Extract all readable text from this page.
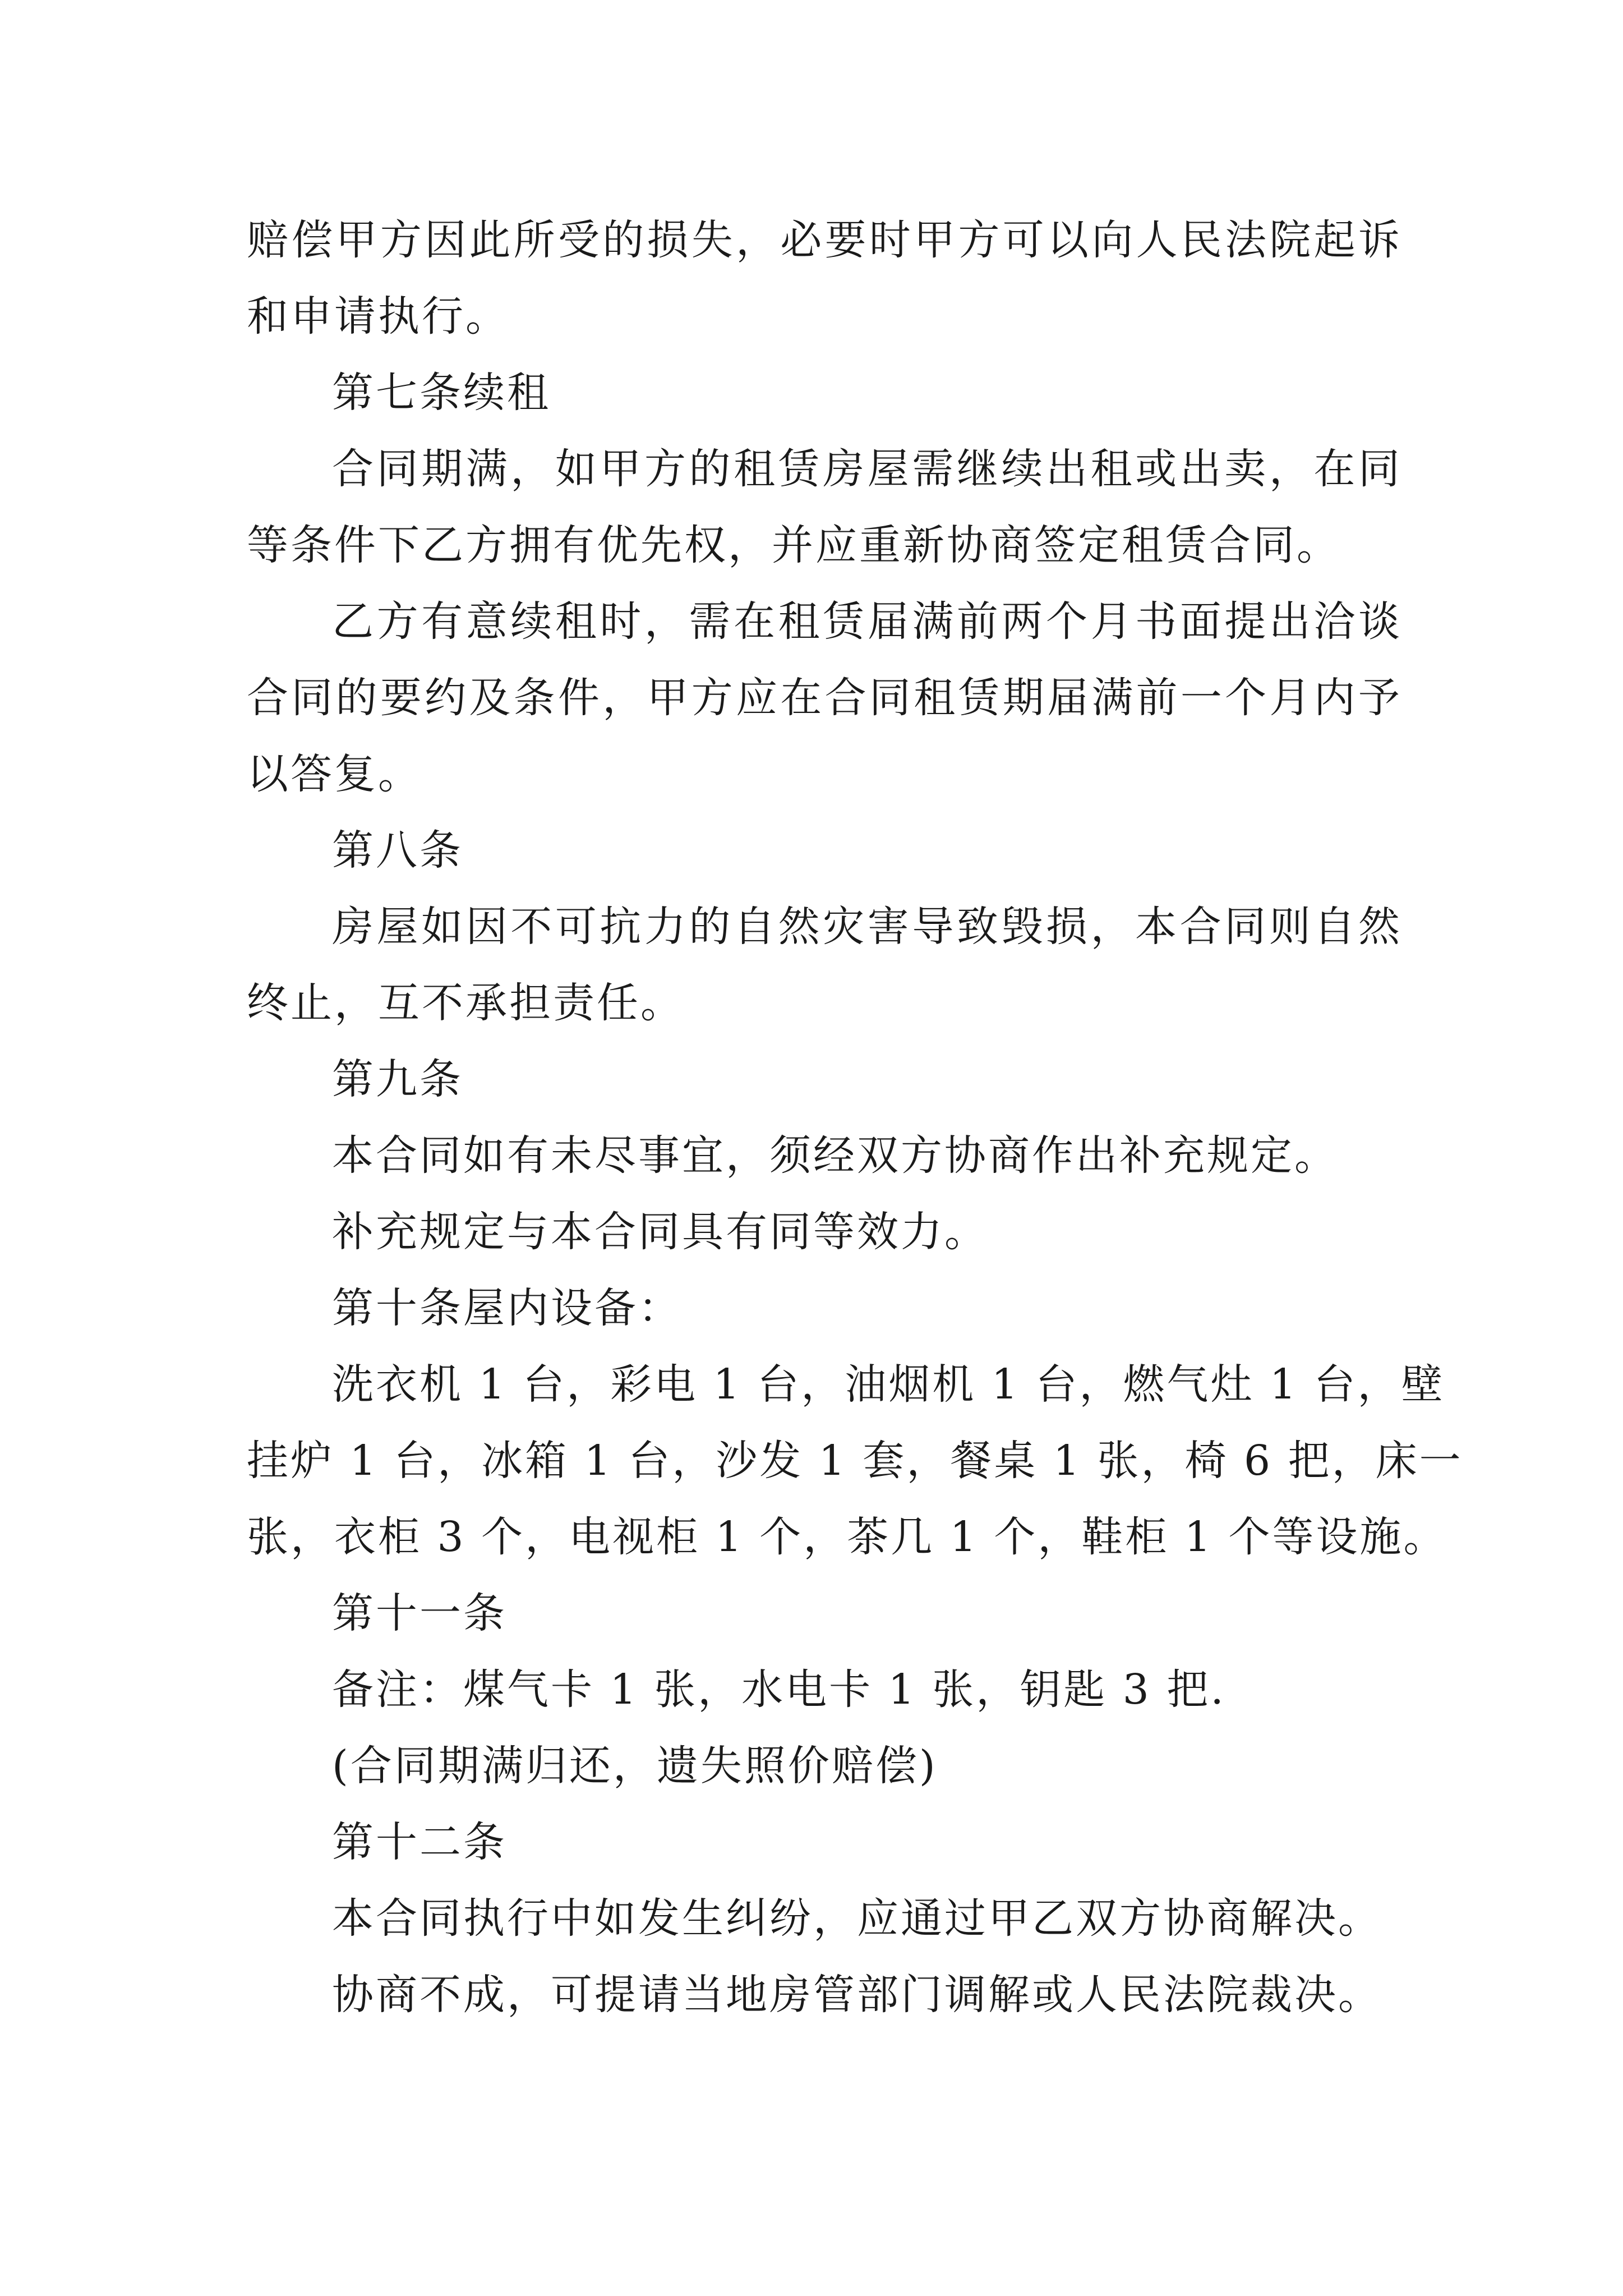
赔偿甲方因此所受的损失，必要时甲方可以向人民法院起诉
和申请执行。
第七条续租
合同期满，如甲方的租赁房屋需继续出租或出卖，在同
等条件下乙方拥有优先权，并应重新协商签定租赁合同。
乙方有意续租时，需在租赁届满前两个月书面提出洽谈
合同的要约及条件，甲方应在合同租赁期届满前一个月内予
以答复。
第八条
房屋如因不可抗力的自然灾害导致毁损，本合同则自然
终止，互不承担责任。
第九条
本合同如有未尽事宜，须经双方协商作出补充规定。
补充规定与本合同具有同等效力。
第十条屋内设备：
洗衣机 1 台，彩电 1 台，油烟机 1 台，燃气灶 1 台，壁
挂炉 1 台，冰箱 1 台，沙发 1 套，餐桌 1 张，椅 6 把，床一
张，衣柜 3 个，电视柜 1 个，茶几 1 个，鞋柜 1 个等设施。
第十一条
备注：煤气卡 1 张，水电卡 1 张，钥匙 3 把.
(合同期满归还，遗失照价赔偿)
第十二条
本合同执行中如发生纠纷，应通过甲乙双方协商解决。
协商不成，可提请当地房管部门调解或人民法院裁决。
